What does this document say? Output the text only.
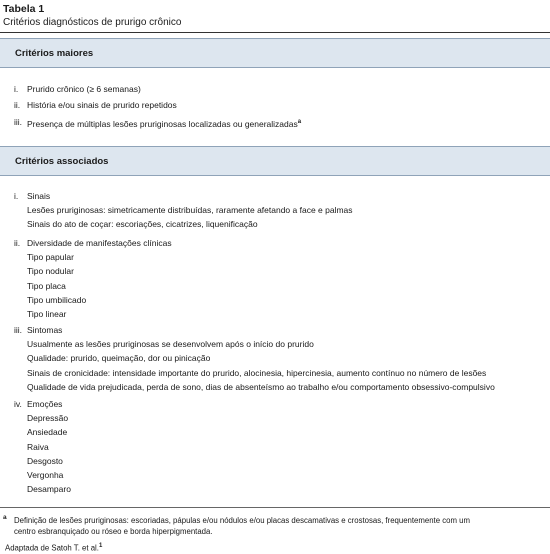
Tabela 1
Critérios diagnósticos de prurigo crônico
Critérios maiores
i. Prurido crônico (≥ 6 semanas)
ii. História e/ou sinais de prurido repetidos
iii. Presença de múltiplas lesões pruriginosas localizadas ou generalizadas$^a$
Critérios associados
i. Sinais
Lesões pruriginosas: simetricamente distribuídas, raramente afetando a face e palmas
Sinais do ato de coçar: escoriações, cicatrizes, liquenificação
ii. Diversidade de manifestações clínicas
Tipo papular
Tipo nodular
Tipo placa
Tipo umbilicado
Tipo linear
iii. Sintomas
Usualmente as lesões pruriginosas se desenvolvem após o início do prurido
Qualidade: prurido, queimação, dor ou pinicação
Sinais de cronicidade: intensidade importante do prurido, alocinesia, hipercinesia, aumento contínuo no número de lesões
Qualidade de vida prejudicada, perda de sono, dias de absenteísmo ao trabalho e/ou comportamento obsessivo-compulsivo
iv. Emoções
Depressão
Ansiedade
Raiva
Desgosto
Vergonha
Desamparo
a Definição de lesões pruriginosas: escoriadas, pápulas e/ou nódulos e/ou placas descamativas e crostosas, frequentemente com um
centro esbranquiçado ou róseo e borda hiperpigmentada.
Adaptada de Satoh T. et al.$^1$
